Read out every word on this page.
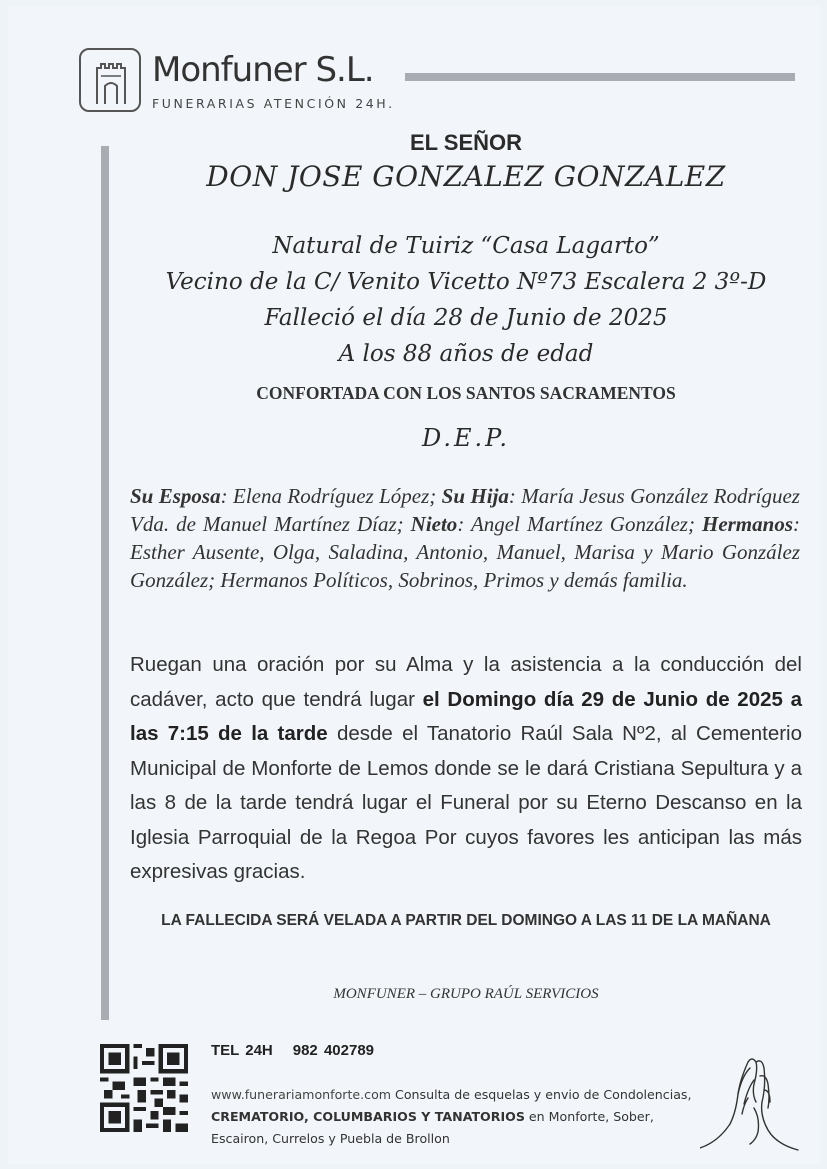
Monfuner S.L.
FUNERARIAS ATENCIÓN 24H.
EL SEÑOR
DON JOSE GONZALEZ GONZALEZ
Natural de Tuiriz “Casa Lagarto”
Vecino de la C/ Venito Vicetto Nº73 Escalera 2 3º-D
Falleció el día 28 de Junio de 2025
A los 88 años de edad
CONFORTADA CON LOS SANTOS SACRAMENTOS
D.E.P.
Su Esposa: Elena Rodríguez López; Su Hija: María Jesus González Rodríguez Vda. de Manuel Martínez Díaz; Nieto: Angel Martínez González; Hermanos: Esther Ausente, Olga, Saladina, Antonio, Manuel, Marisa y Mario González González; Hermanos Políticos, Sobrinos, Primos y demás familia.
Ruegan una oración por su Alma y la asistencia a la conducción del cadáver, acto que tendrá lugar el Domingo día 29 de Junio de 2025 a las 7:15 de la tarde desde el Tanatorio Raúl Sala Nº2, al Cementerio Municipal de Monforte de Lemos donde se le dará Cristiana Sepultura y a las 8 de la tarde tendrá lugar el Funeral por su Eterno Descanso en la Iglesia Parroquial de la Regoa Por cuyos favores les anticipan las más expresivas gracias.
LA FALLECIDA SERÁ VELADA A PARTIR DEL DOMINGO A LAS 11 DE LA MAÑANA
MONFUNER – GRUPO RAÚL SERVICIOS
TEL 24H 982 402789
www.funerariamonforte.com Consulta de esquelas y envio de Condolencias, CREMATORIO, COLUMBARIOS Y TANATORIOS en Monforte, Sober, Escairon, Currelos y Puebla de Brollon
